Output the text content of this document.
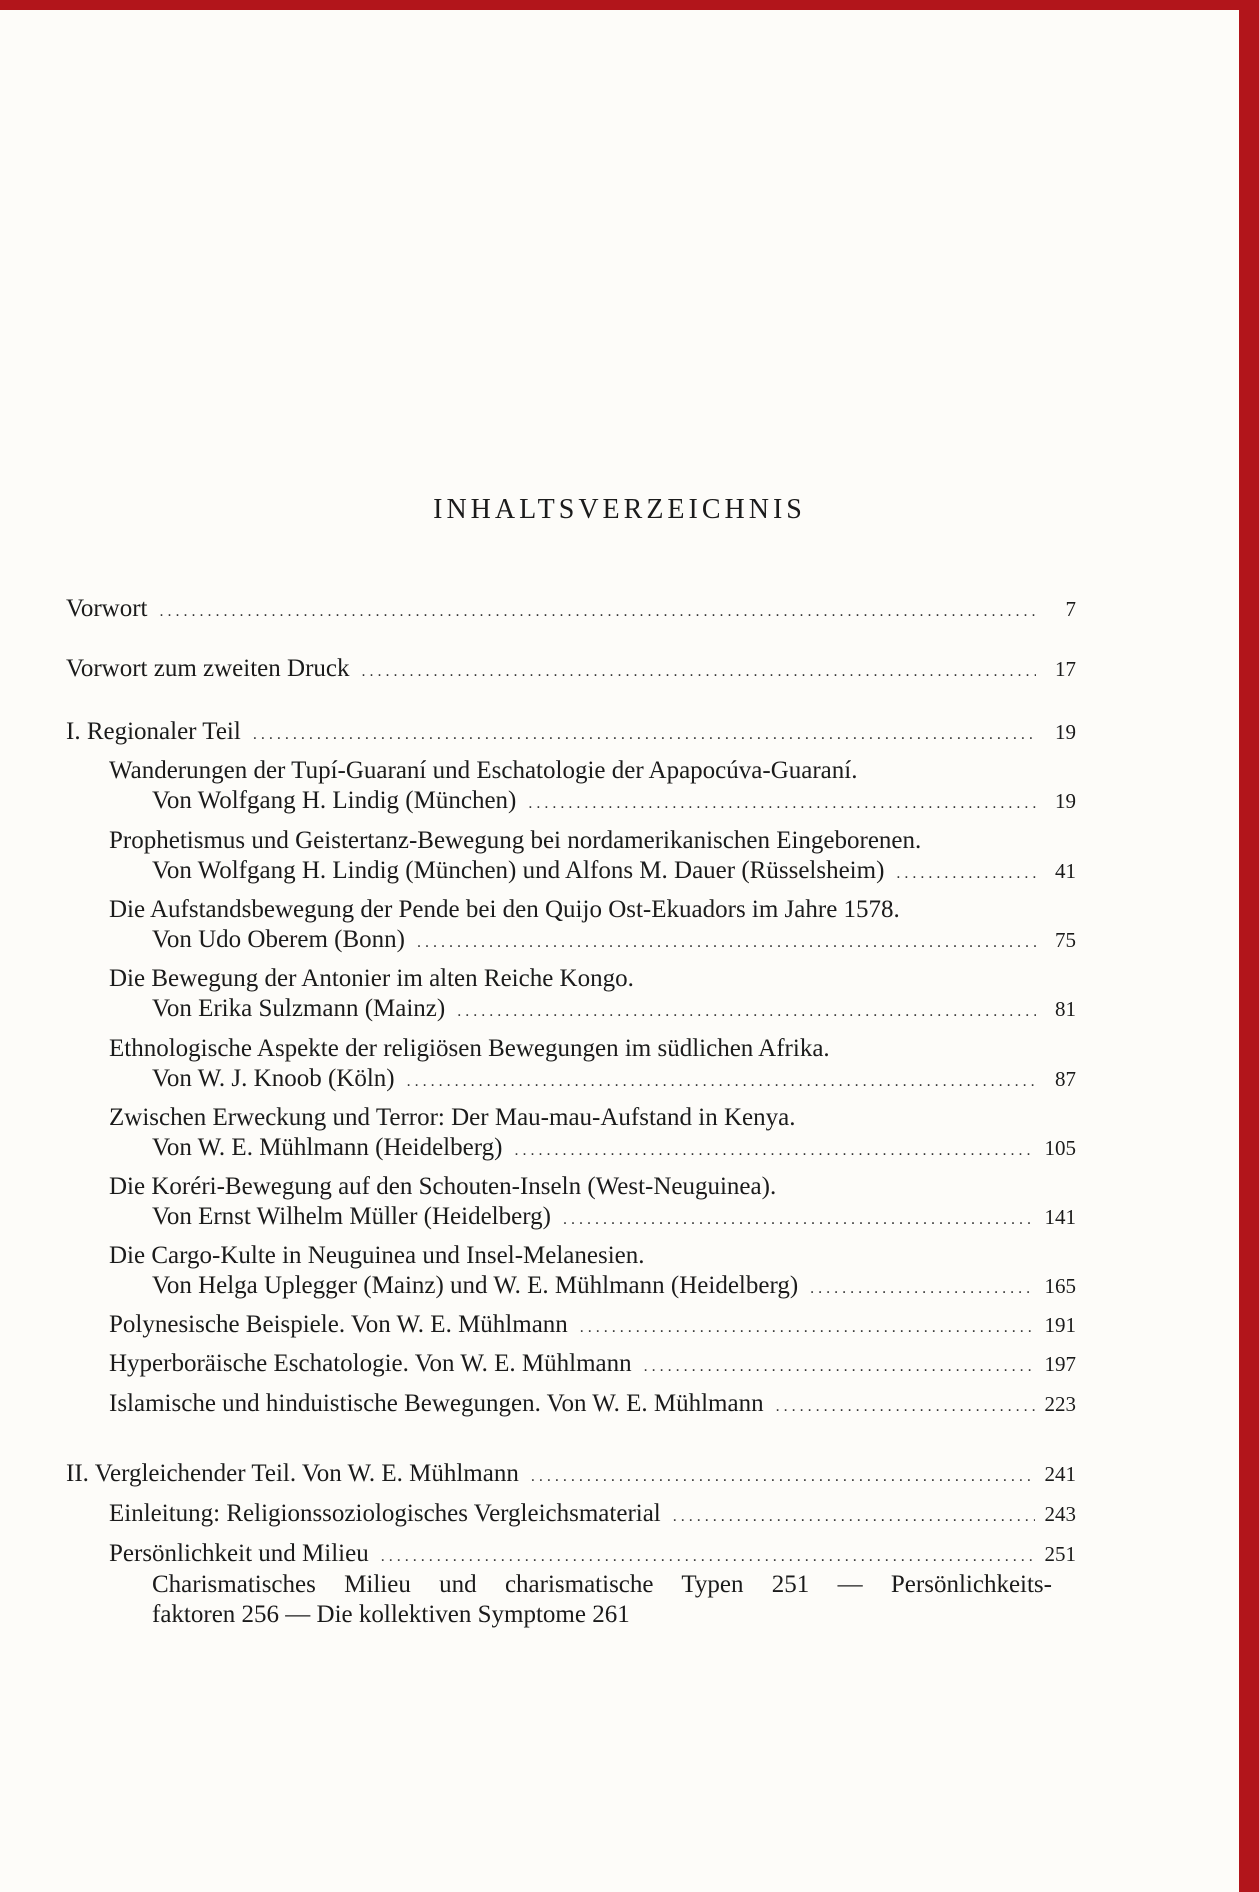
INHALTSVERZEICHNIS
Vorwort .....	7
Vorwort zum zweiten Druck .....	17
I. Regionaler Teil .....	19
Wanderungen der Tupí-Guaraní und Eschatologie der Apapocúva-Guaraní.
Von Wolfgang H. Lindig (München) .....	19
Prophetismus und Geistertanz-Bewegung bei nordamerikanischen Eingeborenen.
Von Wolfgang H. Lindig (München) und Alfons M. Dauer (Rüsselsheim) .....	41
Die Aufstandsbewegung der Pende bei den Quijo Ost-Ekuadors im Jahre 1578.
Von Udo Oberem (Bonn) .....	75
Die Bewegung der Antonier im alten Reiche Kongo.
Von Erika Sulzmann (Mainz) .....	81
Ethnologische Aspekte der religiösen Bewegungen im südlichen Afrika.
Von W. J. Knoob (Köln) .....	87
Zwischen Erweckung und Terror: Der Mau-mau-Aufstand in Kenya.
Von W. E. Mühlmann (Heidelberg) .....	105
Die Koréri-Bewegung auf den Schouten-Inseln (West-Neuguinea).
Von Ernst Wilhelm Müller (Heidelberg) .....	141
Die Cargo-Kulte in Neuguinea und Insel-Melanesien.
Von Helga Uplegger (Mainz) und W. E. Mühlmann (Heidelberg) .....	165
Polynesische Beispiele. Von W. E. Mühlmann .....	191
Hyperboräische Eschatologie. Von W. E. Mühlmann .....	197
Islamische und hinduistische Bewegungen. Von W. E. Mühlmann .....	223
II. Vergleichender Teil. Von W. E. Mühlmann .....	241
Einleitung: Religionssoziologisches Vergleichsmaterial .....	243
Persönlichkeit und Milieu .....	251
Charismatisches Milieu und charismatische Typen 251 — Persönlichkeits-
faktoren 256 — Die kollektiven Symptome 261
